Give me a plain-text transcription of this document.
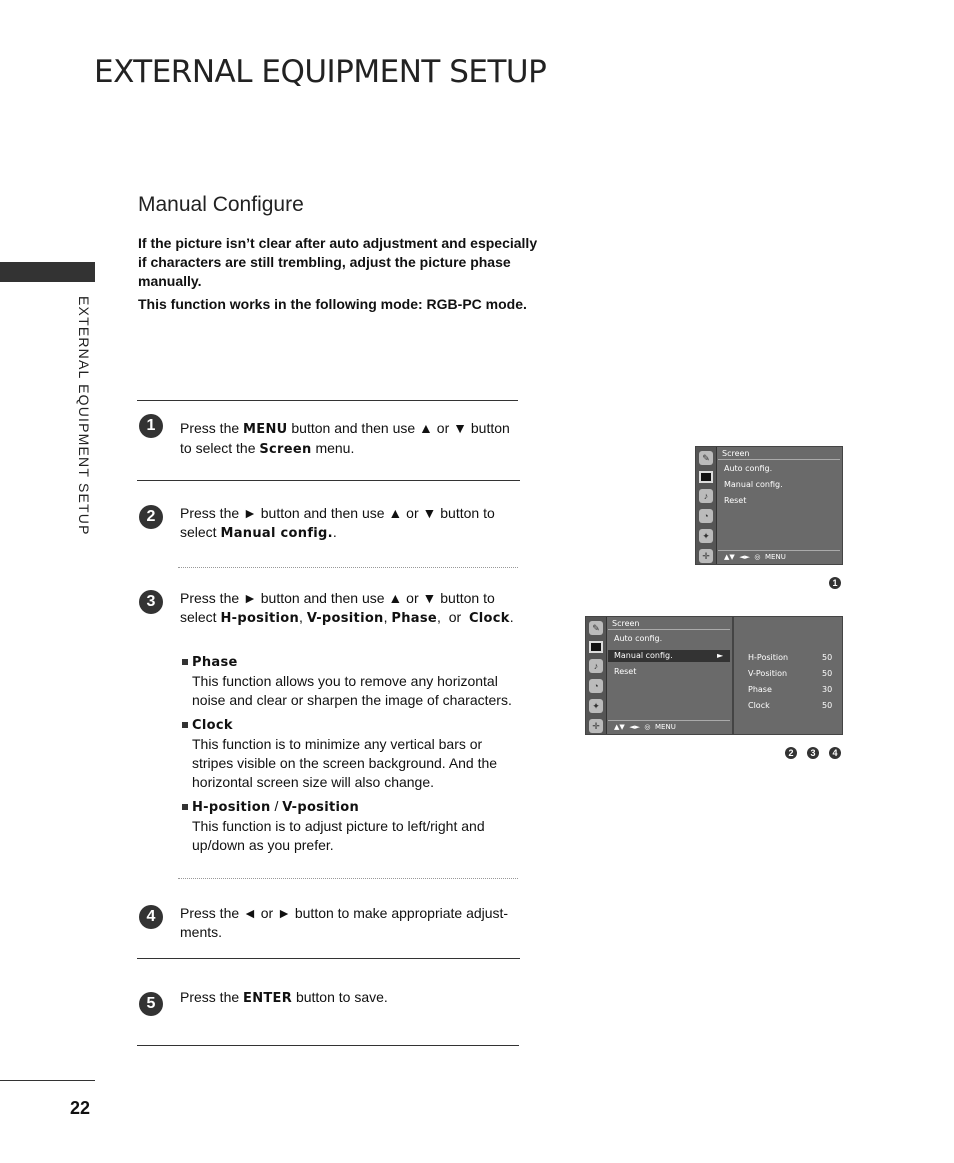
EXTERNAL EQUIPMENT SETUP
EXTERNAL EQUIPMENT SETUP
22
Manual Configure

If the picture isn’t clear after auto adjustment and especially if characters are still trembling, adjust the picture phase manually.

This function works in the following mode: RGB-PC mode.

1	Press the MENU button and then use ▲ or ▼ button to select the Screen menu.
2	Press the ► button and then use ▲ or ▼ button to select Manual config..
3	Press the ► button and then use ▲ or ▼ button to select H-position, V-position, Phase,  or  Clock.
Phase
This function allows you to remove any horizontal noise and clear or sharpen the image of characters.
Clock
This function is to minimize any vertical bars or stripes visible on the screen background. And the horizontal screen size will also change.
H-position / V-position
This function is to adjust picture to left/right and up/down as you prefer.
4	Press the ◄ or ► button to make appropriate adjust-ments.
5	Press the ENTER button to save.
✎
♪
◔
✦
✛
Screen
Auto config.
Manual config.
Reset
▲▼  ◄►  ◎  MENU
1
✎
♪
◔
✦
✛
Screen
Auto config.
Manual config.	►
Reset
▲▼  ◄►  ◎  MENU
H-Position	50
V-Position	50
Phase	30
Clock	50
2	3	4
